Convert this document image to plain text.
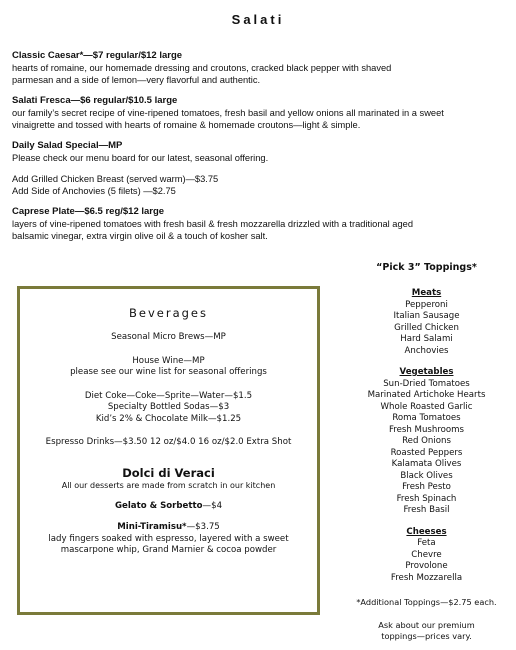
Salati
Classic Caesar*—$7 regular/$12 large
hearts of romaine, our homemade dressing and croutons, cracked black pepper with shaved
parmesan and a side of lemon—very flavorful and authentic.
Salati Fresca—$6 regular/$10.5 large
our family’s secret recipe of vine-ripened tomatoes, fresh basil and yellow onions all marinated in a sweet
vinaigrette and tossed with hearts of romaine & homemade croutons—light & simple.
Daily Salad Special—MP
Please check our menu board for our latest, seasonal offering.
Add Grilled Chicken Breast (served warm)—$3.75
Add Side of Anchovies (5 filets) —$2.75
Caprese Plate—$6.5 reg/$12 large
layers of vine-ripened tomatoes with fresh basil & fresh mozzarella drizzled with a traditional aged
balsamic vinegar, extra virgin olive oil & a touch of kosher salt.
Beverages
Seasonal Micro Brews—MP
House Wine—MP
please see our wine list for seasonal offerings
Diet Coke—Coke—Sprite—Water—$1.5
Specialty Bottled Sodas—$3
Kid’s 2% & Chocolate Milk—$1.25
Espresso Drinks—$3.50 12 oz/$4.0 16 oz/$2.0 Extra Shot
Dolci di Veraci
All our desserts are made from scratch in our kitchen
Gelato & Sorbetto—$4
Mini-Tiramisu*—$3.75
lady fingers soaked with espresso, layered with a sweet
mascarpone whip, Grand Marnier & cocoa powder
“Pick 3” Toppings*
Meats
Pepperoni
Italian Sausage
Grilled Chicken
Hard Salami
Anchovies
Vegetables
Sun-Dried Tomatoes
Marinated Artichoke Hearts
Whole Roasted Garlic
Roma Tomatoes
Fresh Mushrooms
Red Onions
Roasted Peppers
Kalamata Olives
Black Olives
Fresh Pesto
Fresh Spinach
Fresh Basil
Cheeses
Feta
Chevre
Provolone
Fresh Mozzarella
*Additional Toppings—$2.75 each.
Ask about our premium
toppings—prices vary.
